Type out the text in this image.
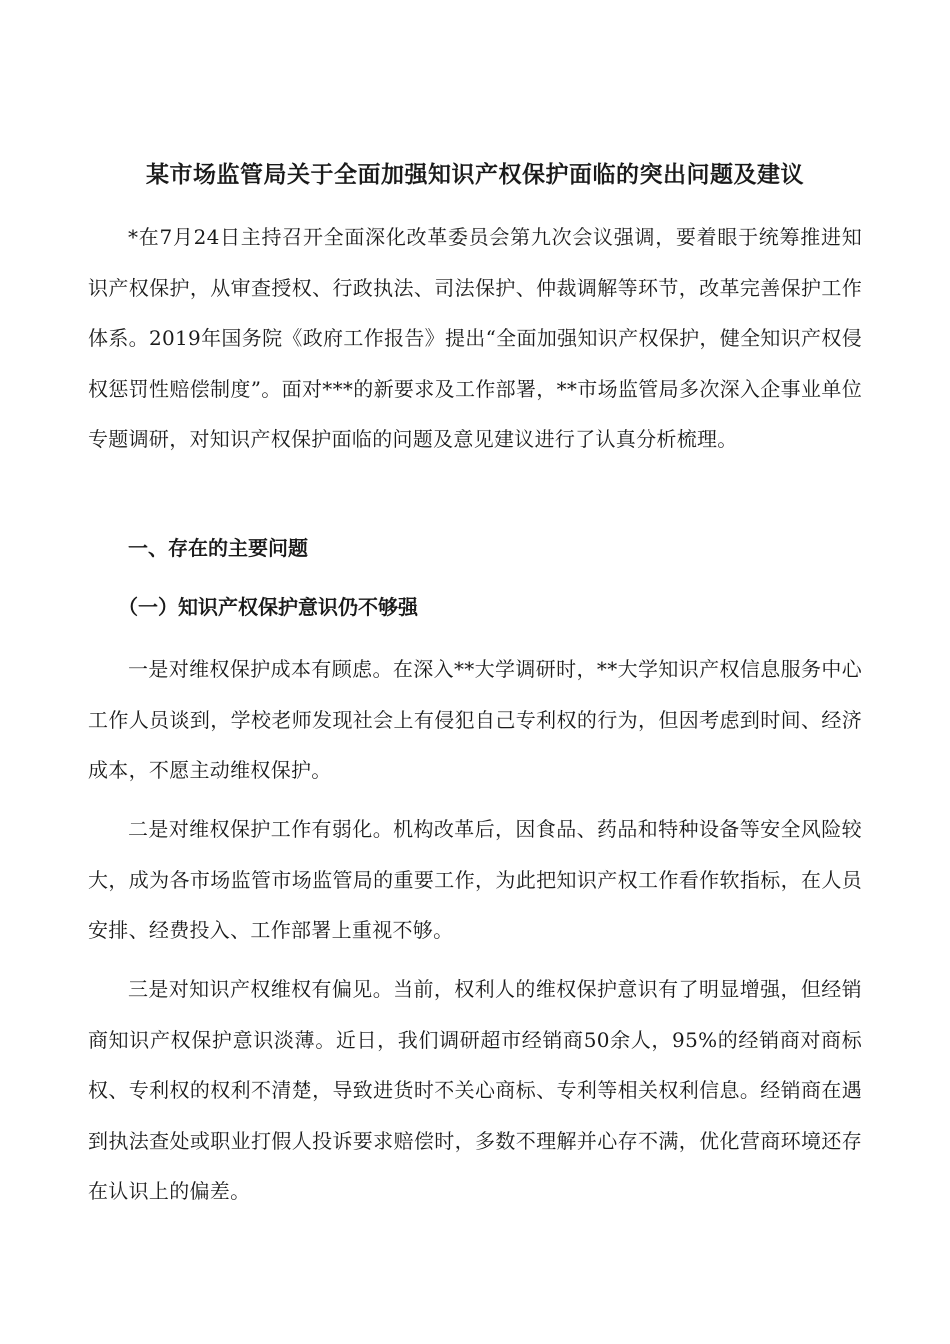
某市场监管局关于全面加强知识产权保护面临的突出问题及建议

*在7月24日主持召开全面深化改革委员会第九次会议强调，要着眼于统筹推进知识产权保护，从审查授权、行政执法、司法保护、仲裁调解等环节，改革完善保护工作体系。2019年国务院《政府工作报告》提出“全面加强知识产权保护，健全知识产权侵权惩罚性赔偿制度”。面对***的新要求及工作部署，**市场监管局多次深入企事业单位专题调研，对知识产权保护面临的问题及意见建议进行了认真分析梳理。

一、存在的主要问题
（一）知识产权保护意识仍不够强

一是对维权保护成本有顾虑。在深入**大学调研时，**大学知识产权信息服务中心工作人员谈到，学校老师发现社会上有侵犯自己专利权的行为，但因考虑到时间、经济成本，不愿主动维权保护。

二是对维权保护工作有弱化。机构改革后，因食品、药品和特种设备等安全风险较大，成为各市场监管市场监管局的重要工作，为此把知识产权工作看作软指标，在人员安排、经费投入、工作部署上重视不够。

三是对知识产权维权有偏见。当前，权利人的维权保护意识有了明显增强，但经销商知识产权保护意识淡薄。近日，我们调研超市经销商50余人，95%的经销商对商标权、专利权的权利不清楚，导致进货时不关心商标、专利等相关权利信息。经销商在遇到执法查处或职业打假人投诉要求赔偿时，多数不理解并心存不满，优化营商环境还存在认识上的偏差。
